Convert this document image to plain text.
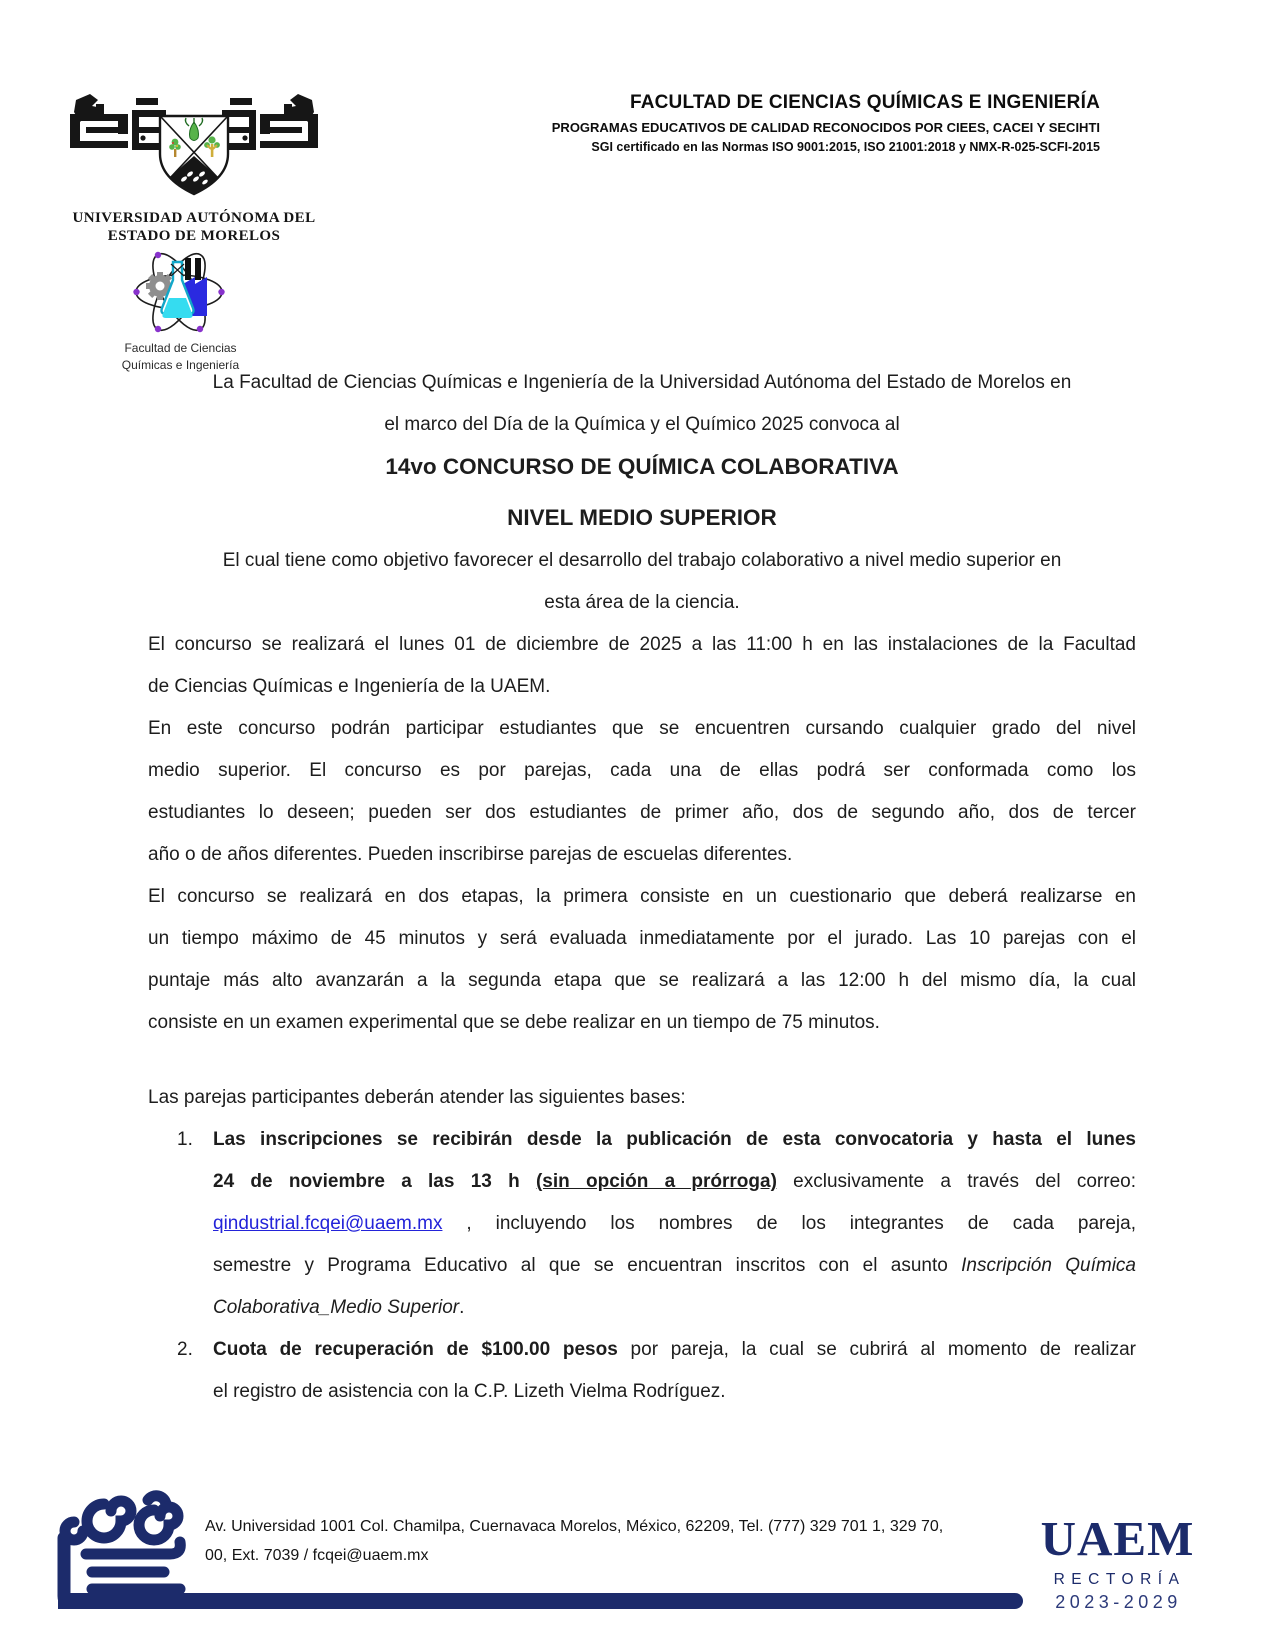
UNIVERSIDAD AUTÓNOMA DEL
ESTADO DE MORELOS
Facultad de Ciencias
Químicas e Ingeniería
FACULTAD DE CIENCIAS QUÍMICAS E INGENIERÍA
PROGRAMAS EDUCATIVOS DE CALIDAD RECONOCIDOS POR CIEES, CACEI Y SECIHTI
SGI certificado en las Normas ISO 9001:2015, ISO 21001:2018 y NMX-R-025-SCFI-2015
La Facultad de Ciencias Químicas e Ingeniería de la Universidad Autónoma del Estado de Morelos en
el marco del Día de la Química y el Químico 2025 convoca al
14vo CONCURSO DE QUÍMICA COLABORATIVA
NIVEL MEDIO SUPERIOR
El cual tiene como objetivo favorecer el desarrollo del trabajo colaborativo a nivel medio superior en
esta área de la ciencia.
El concurso se realizará el lunes 01 de diciembre de 2025 a las 11:00 h en las instalaciones de la Facultad
de Ciencias Químicas e Ingeniería de la UAEM.
En este concurso podrán participar estudiantes que se encuentren cursando cualquier grado del nivel
medio superior. El concurso es por parejas, cada una de ellas podrá ser conformada como los
estudiantes lo deseen; pueden ser dos estudiantes de primer año, dos de segundo año, dos de tercer
año o de años diferentes. Pueden inscribirse parejas de escuelas diferentes.
El concurso se realizará en dos etapas, la primera consiste en un cuestionario que deberá realizarse en
un tiempo máximo de 45 minutos y será evaluada inmediatamente por el jurado. Las 10 parejas con el
puntaje más alto avanzarán a la segunda etapa que se realizará a las 12:00 h del mismo día, la cual
consiste en un examen experimental que se debe realizar en un tiempo de 75 minutos.
Las parejas participantes deberán atender las siguientes bases:
1. Las inscripciones se recibirán desde la publicación de esta convocatoria y hasta el lunes
24 de noviembre a las 13 h (sin opción a prórroga) exclusivamente a través del correo:
qindustrial.fcqei@uaem.mx , incluyendo los nombres de los integrantes de cada pareja,
semestre y Programa Educativo al que se encuentran inscritos con el asunto Inscripción Química
Colaborativa_Medio Superior.
2. Cuota de recuperación de $100.00 pesos por pareja, la cual se cubrirá al momento de realizar
el registro de asistencia con la C.P. Lizeth Vielma Rodríguez.
Av. Universidad 1001 Col. Chamilpa, Cuernavaca Morelos, México, 62209, Tel. (777) 329 701 1, 329 70,
00, Ext. 7039 / fcqei@uaem.mx	UAEM
RECTORÍA
2023-2029
